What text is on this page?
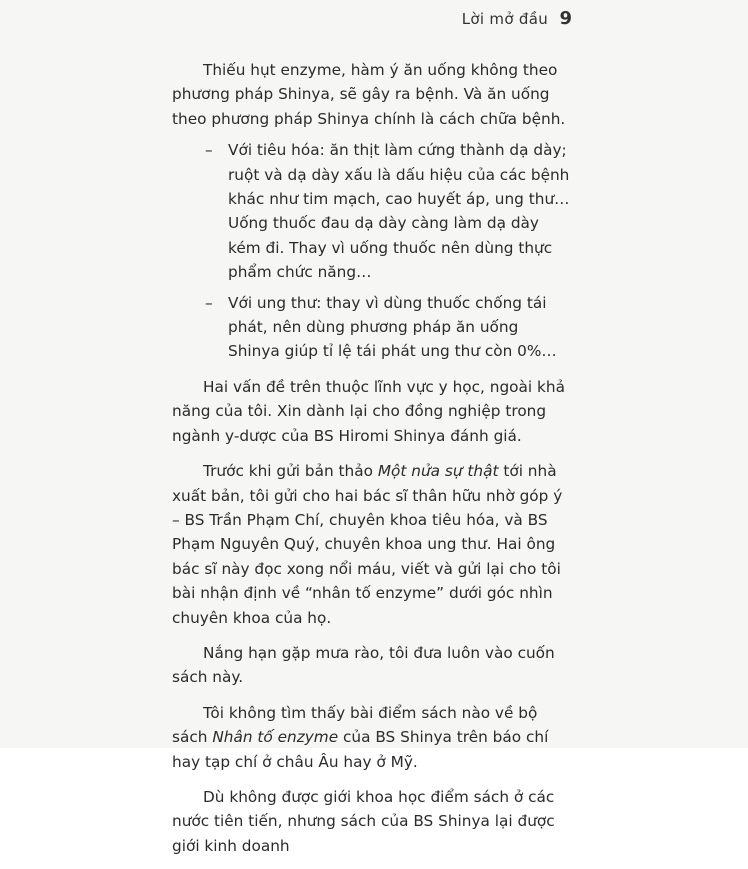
Lời mở đầu 9

Thiếu hụt enzyme, hàm ý ăn uống không theo phương pháp Shinya, sẽ gây ra bệnh. Và ăn uống theo phương pháp Shinya chính là cách chữa bệnh.

– Với tiêu hóa: ăn thịt làm cứng thành dạ dày; ruột và dạ dày xấu là dấu hiệu của các bệnh khác như tim mạch, cao huyết áp, ung thư… Uống thuốc đau dạ dày càng làm dạ dày kém đi. Thay vì uống thuốc nên dùng thực phẩm chức năng…
– Với ung thư: thay vì dùng thuốc chống tái phát, nên dùng phương pháp ăn uống Shinya giúp tỉ lệ tái phát ung thư còn 0%…

Hai vấn đề trên thuộc lĩnh vực y học, ngoài khả năng của tôi. Xin dành lại cho đồng nghiệp trong ngành y-dược của BS Hiromi Shinya đánh giá.

Trước khi gửi bản thảo Một nửa sự thật tới nhà xuất bản, tôi gửi cho hai bác sĩ thân hữu nhờ góp ý – BS Trần Phạm Chí, chuyên khoa tiêu hóa, và BS Phạm Nguyên Quý, chuyên khoa ung thư. Hai ông bác sĩ này đọc xong nổi máu, viết và gửi lại cho tôi bài nhận định về “nhân tố enzyme” dưới góc nhìn chuyên khoa của họ.

Nắng hạn gặp mưa rào, tôi đưa luôn vào cuốn sách này.

Tôi không tìm thấy bài điểm sách nào về bộ sách Nhân tố enzyme của BS Shinya trên báo chí hay tạp chí ở châu Âu hay ở Mỹ.

Dù không được giới khoa học điểm sách ở các nước tiên tiến, nhưng sách của BS Shinya lại được giới kinh doanh
